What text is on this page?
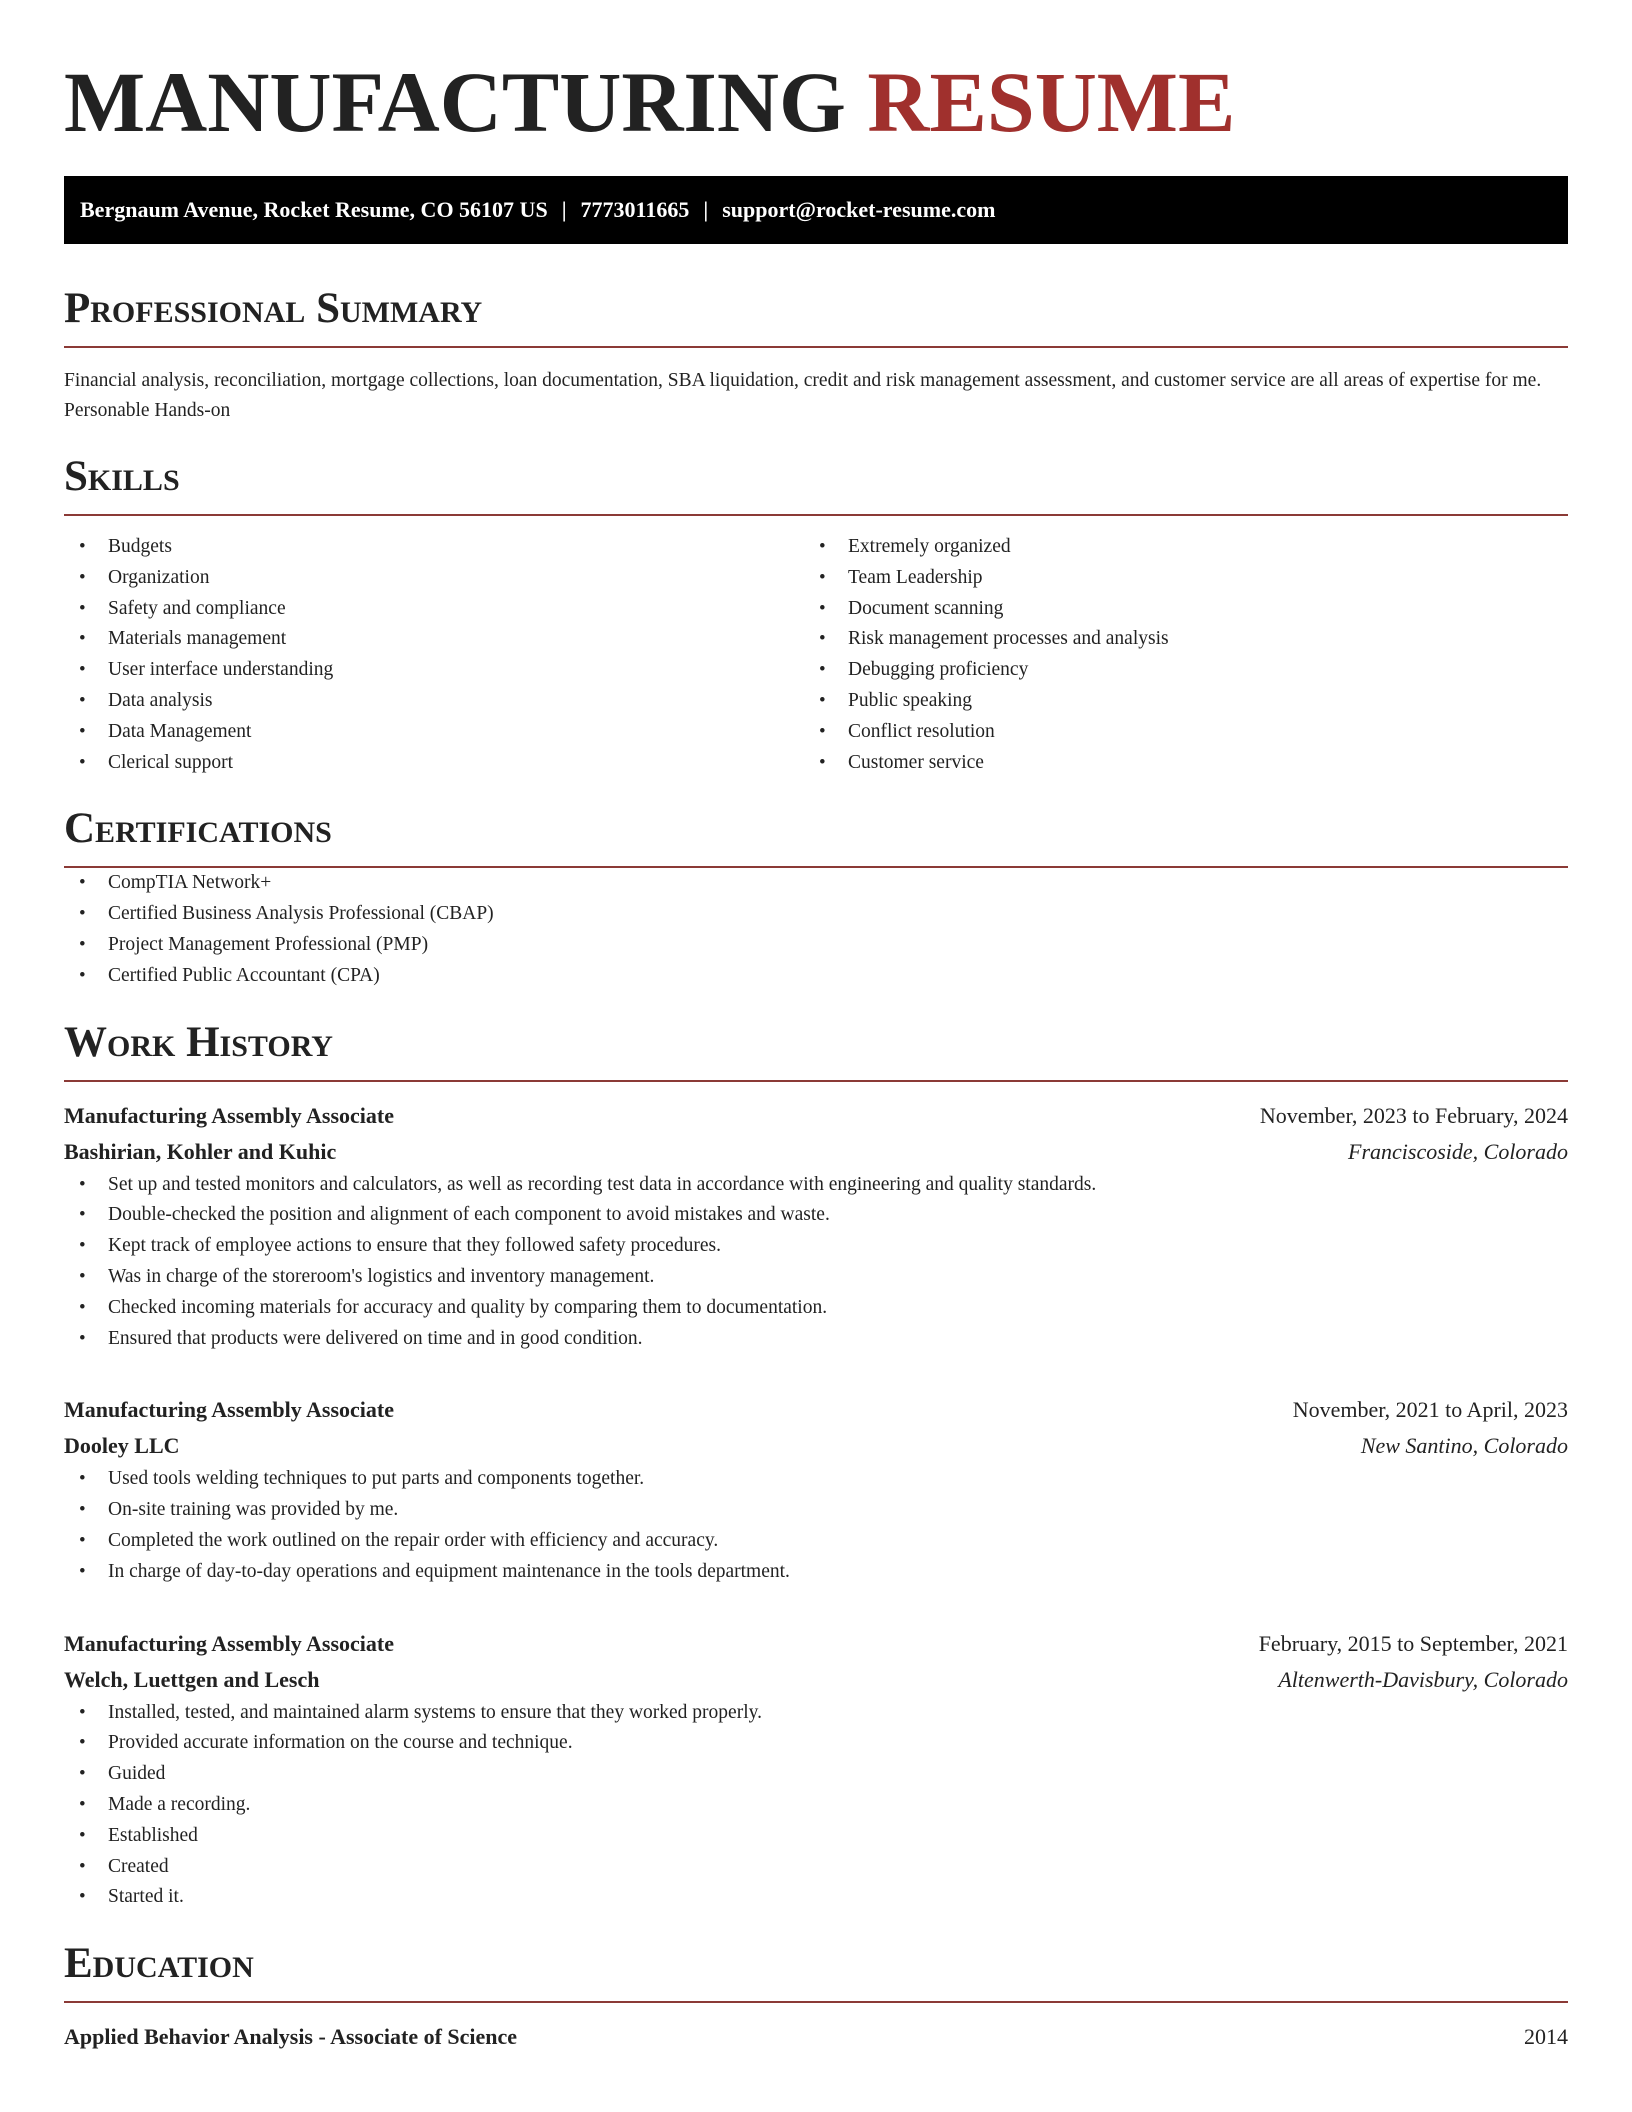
MANUFACTURING RESUME
Bergnaum Avenue, Rocket Resume, CO 56107 US | 7773011665 | support@rocket-resume.com
Professional Summary

Financial analysis, reconciliation, mortgage collections, loan documentation, SBA liquidation, credit and risk management assessment, and customer service are all areas of expertise for me. Personable Hands-on

Skills
• Budgets
• Organization
• Safety and compliance
• Materials management
• User interface understanding
• Data analysis
• Data Management
• Clerical support
• Extremely organized
• Team Leadership
• Document scanning
• Risk management processes and analysis
• Debugging proficiency
• Public speaking
• Conflict resolution
• Customer service
Certifications
• CompTIA Network+
• Certified Business Analysis Professional (CBAP)
• Project Management Professional (PMP)
• Certified Public Accountant (CPA)
Work History
Manufacturing Assembly Associate	November, 2023 to February, 2024
Bashirian, Kohler and Kuhic	Franciscoside, Colorado
• Set up and tested monitors and calculators, as well as recording test data in accordance with engineering and quality standards.
• Double-checked the position and alignment of each component to avoid mistakes and waste.
• Kept track of employee actions to ensure that they followed safety procedures.
• Was in charge of the storeroom's logistics and inventory management.
• Checked incoming materials for accuracy and quality by comparing them to documentation.
• Ensured that products were delivered on time and in good condition.
Manufacturing Assembly Associate	November, 2021 to April, 2023
Dooley LLC	New Santino, Colorado
• Used tools welding techniques to put parts and components together.
• On-site training was provided by me.
• Completed the work outlined on the repair order with efficiency and accuracy.
• In charge of day-to-day operations and equipment maintenance in the tools department.
Manufacturing Assembly Associate	February, 2015 to September, 2021
Welch, Luettgen and Lesch	Altenwerth-Davisbury, Colorado
• Installed, tested, and maintained alarm systems to ensure that they worked properly.
• Provided accurate information on the course and technique.
• Guided
• Made a recording.
• Established
• Created
• Started it.
Education
Applied Behavior Analysis - Associate of Science	2014
